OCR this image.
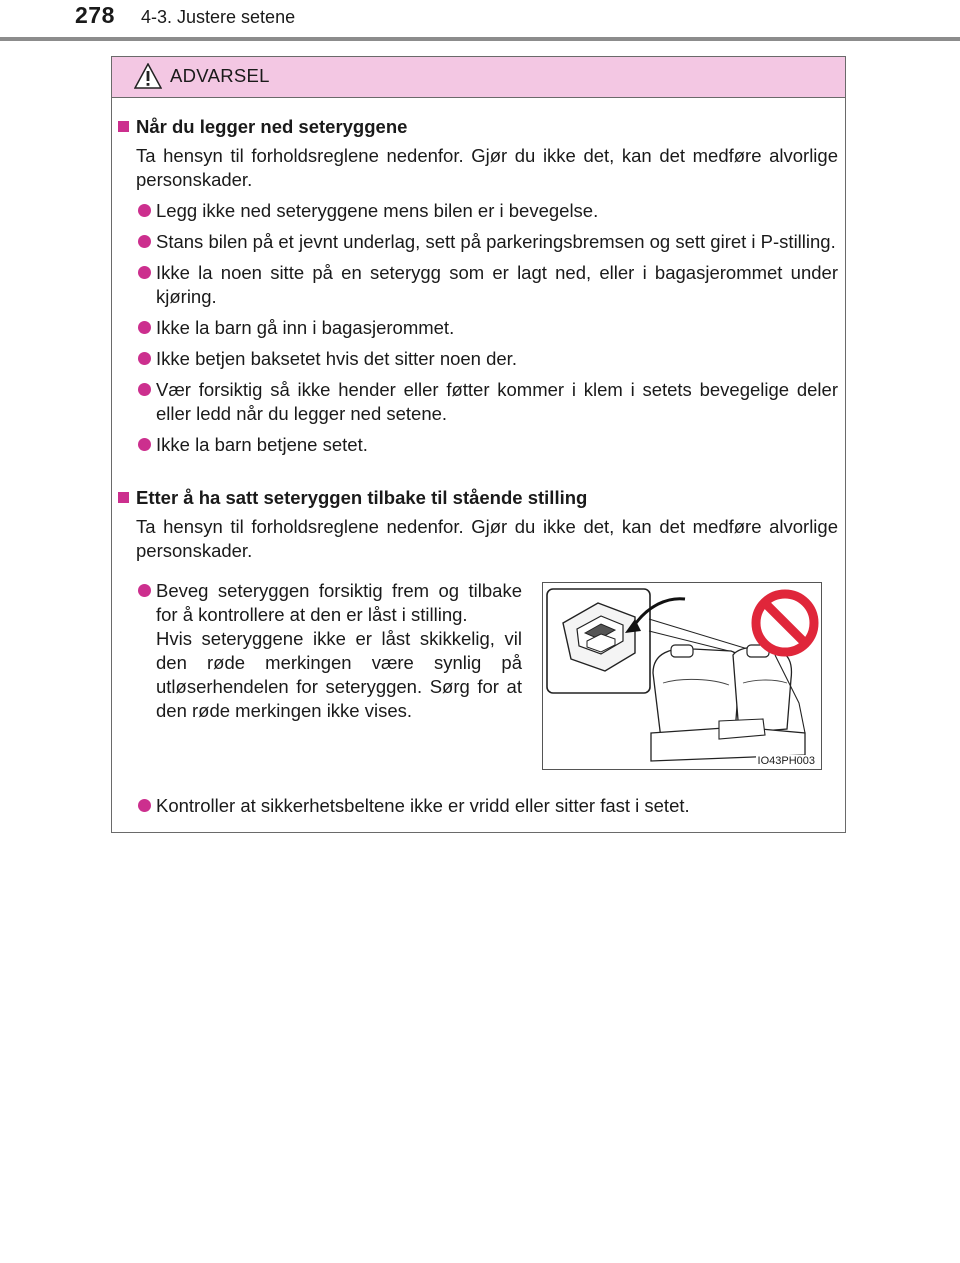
278 4-3. Justere setene
ADVARSEL
Når du legger ned seteryggene
Ta hensyn til forholdsreglene nedenfor. Gjør du ikke det, kan det medføre alvorlige personskader.
Legg ikke ned seteryggene mens bilen er i bevegelse.
Stans bilen på et jevnt underlag, sett på parkeringsbremsen og sett giret i P-stilling.
Ikke la noen sitte på en seterygg som er lagt ned, eller i bagasjerommet under kjøring.
Ikke la barn gå inn i bagasjerommet.
Ikke betjen baksetet hvis det sitter noen der.
Vær forsiktig så ikke hender eller føtter kommer i klem i setets bevegelige deler eller ledd når du legger ned setene.
Ikke la barn betjene setet.
Etter å ha satt seteryggen tilbake til stående stilling
Ta hensyn til forholdsreglene nedenfor. Gjør du ikke det, kan det medføre alvorlige personskader.

Beveg seteryggen forsiktig frem og tilbake for å kontrollere at den er låst i stilling.

Hvis seteryggene ikke er låst skikkelig, vil den røde merkingen være synlig på utløserhendelen for seteryggen. Sørg for at den røde merkingen ikke vises.

IO43PH003
Kontroller at sikkerhetsbeltene ikke er vridd eller sitter fast i setet.
